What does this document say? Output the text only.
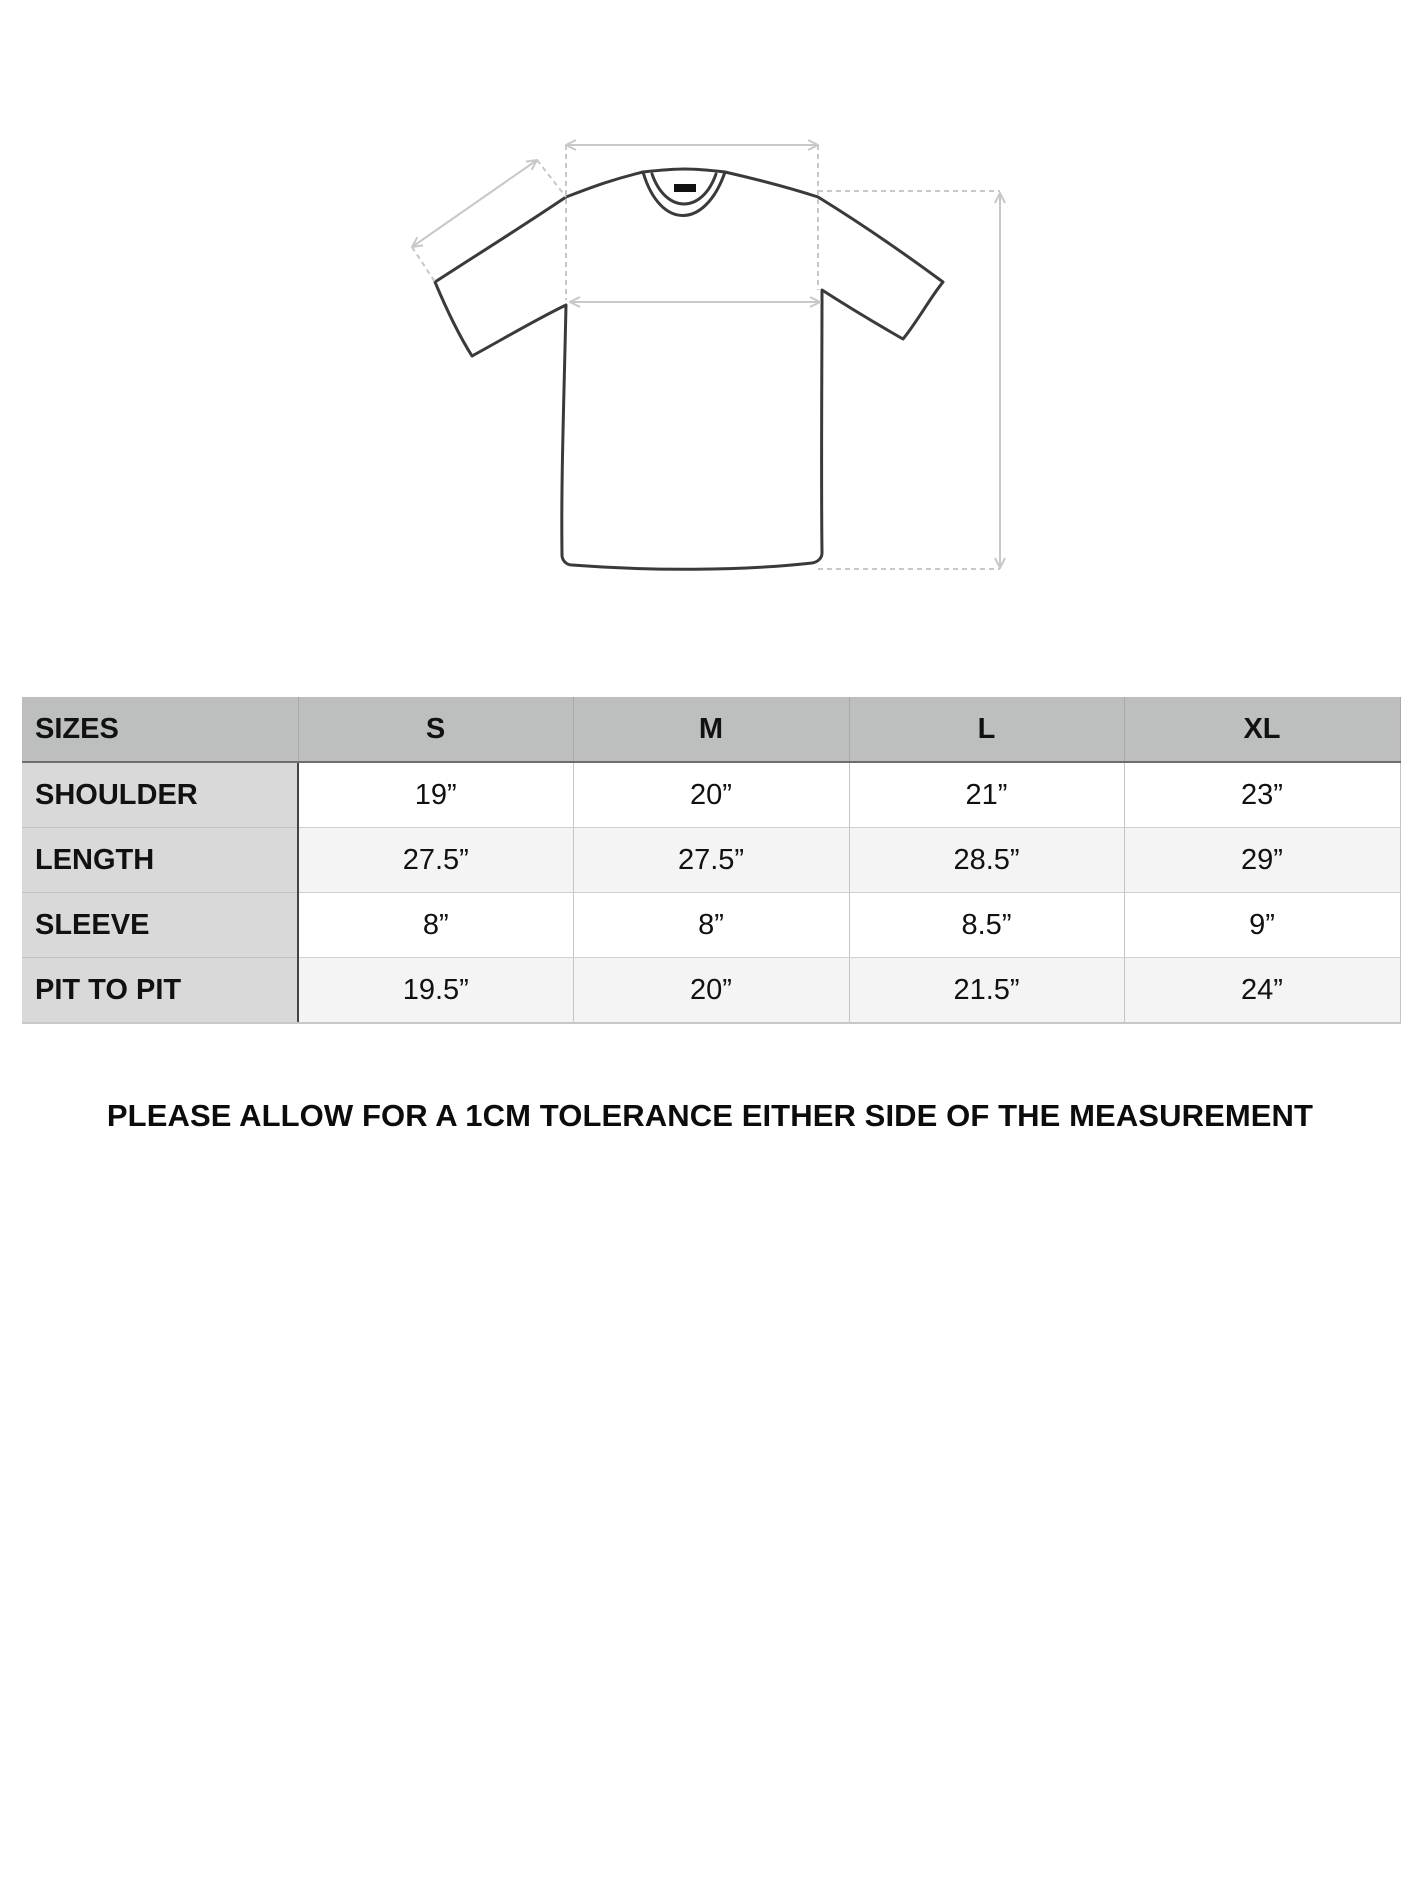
SIZES	S	M	L	XL
SHOULDER	19”	20”	21”	23”
LENGTH	27.5”	27.5”	28.5”	29”
SLEEVE	8”	8”	8.5”	9”
PIT TO PIT	19.5”	20”	21.5”	24”
PLEASE ALLOW FOR A 1CM TOLERANCE EITHER SIDE OF THE MEASUREMENT
